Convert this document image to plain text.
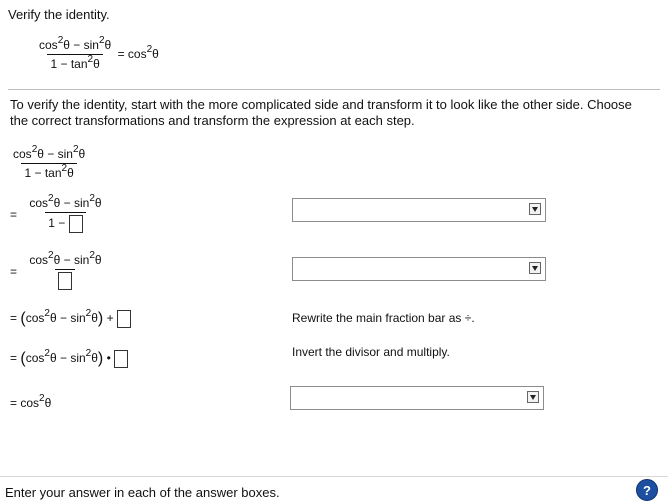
Verify the identity.
$\frac{\cos^2\theta - \sin^2\theta}{1 - \tan^2\theta} = \cos^2\theta$
To verify the identity, start with the more complicated side and transform it to look like the other side. Choose
the correct transformations and transform the expression at each step.
$\frac{\cos^2\theta - \sin^2\theta}{1 - \tan^2\theta}$
= $\frac{\cos^2\theta - \sin^2\theta}{1 -}$
=
$\cos^2\theta - \sin^2\theta$
= $(\cos^2\theta - \sin^2\theta)$ +	Rewrite the main fraction bar as ÷.
= $(\cos^2\theta - \sin^2\theta)$ •	Invert the divisor and multiply.
= $\cos^2\theta$
Enter your answer in each of the answer boxes.	?
